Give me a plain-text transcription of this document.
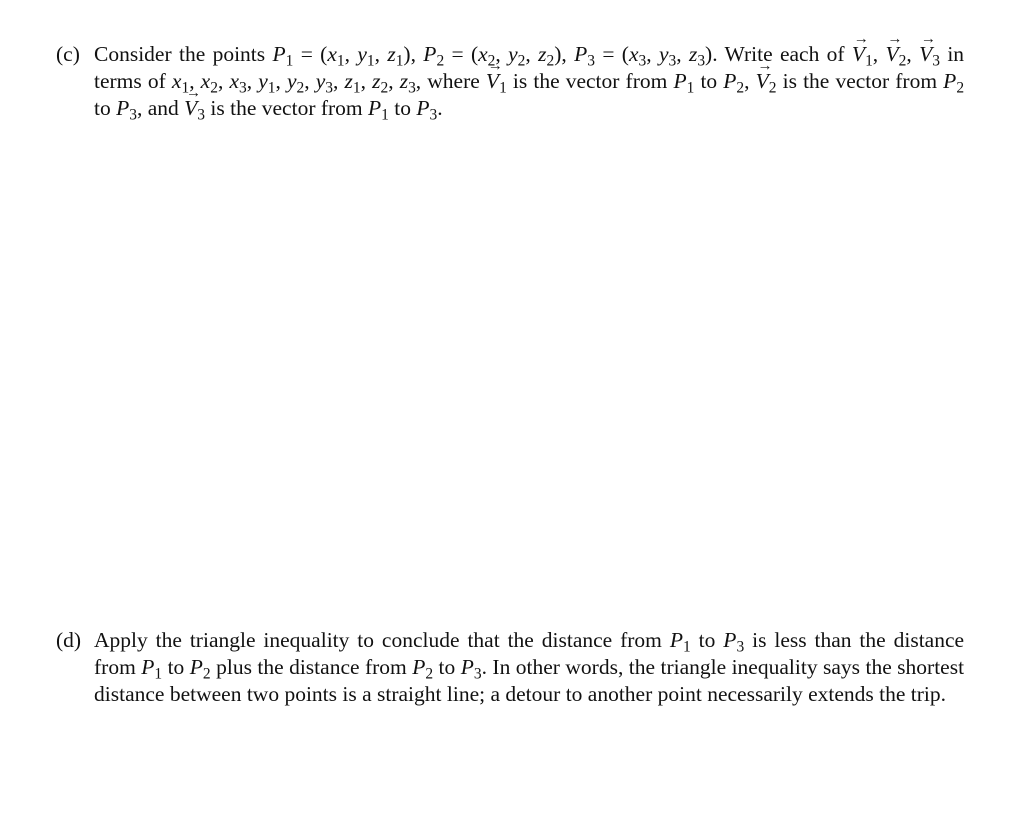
(c) Consider the points $P_1 = (x_1$, $y_1$, $z_1$), $P_2 = (x_2$, $y_2$, $z_2$), $P_3 = (x_3$, $y_3$, $z_3$). Write each of → $V_1$, → $V_2$, → $V_3$ in terms of $x_1$, $x_2$, $x_3$, $y_1$, $y_2$, $y_3$, $z_1$, $z_2$, $z_3$, where → $V_1$ is the vector from $P_1$ to $P_2$, → $V_2$ is the vector from $P_2$ to $P_3$, and → $V_3$ is the vector from $P_1$ to $P_3$.
(d) Apply the triangle inequality to conclude that the distance from $P_1$ to $P_3$ is less than the distance from $P_1$ to $P_2$ plus the distance from $P_2$ to $P_3$. In other words, the triangle inequality says the shortest distance between two points is a straight line; a detour to another point necessarily extends the trip.
